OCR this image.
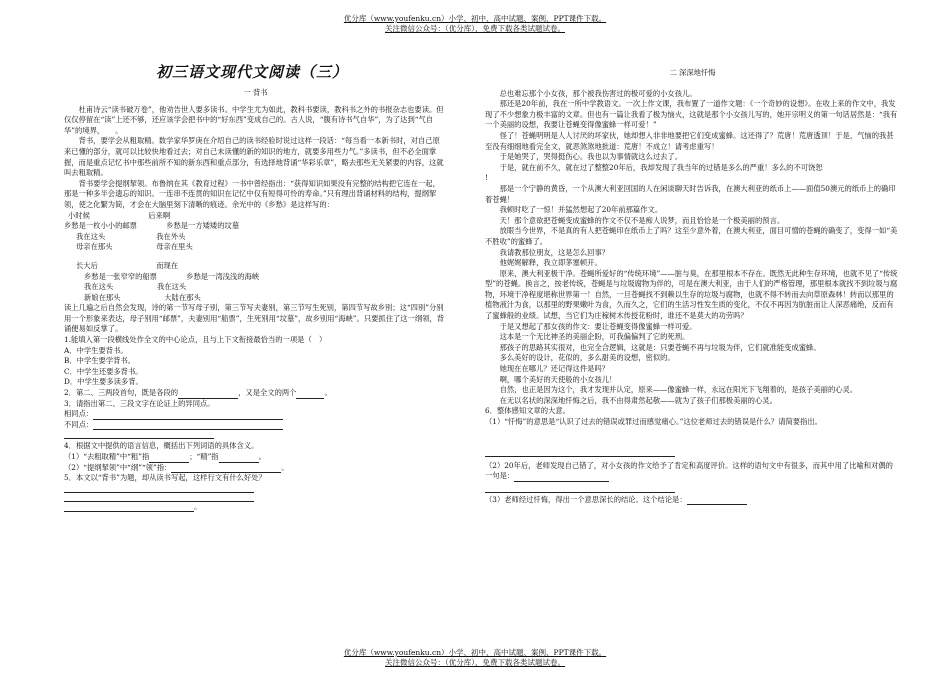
优分库（www.youfenku.cn）小学、初中、高中试题、案例、PPT课件下载。
关注微信公众号：（优分库），免费下载各类试题试卷。
初三语文现代文阅读（三）
一 背书

杜甫诗云“读书破万卷”，他劝告世人要多读书。中学生尤为如此，教科书要读，教科书之外的书报杂志也要读。但仅仅停留在“读”上还不够，还应该学会把书中的“好东西”变成自己的。古人说，“腹有诗书气自华”，为了达到“气自华”的境界，　　。

背书，要学会从粗取精。数学家华罗庚在介绍自己的读书经验时说过这样一段话：“每当看一本新书时，对自己原来已懂的部分，就可以比较快地看过去；对自己未读懂的新的知识的地方，就要多用些力气。”多读书，但不必全面掌握，而是重点记忆书中那些前所不知的新东西和重点部分，有选择地背诵“华彩乐章”，略去那些无关紧要的内容，这就叫去粗取精。

背书要学会提纲挈领。布鲁纳在其《教育过程》一书中曾经指出：“获得知识如果没有完整的结构把它连在一起，那是一种多半会遗忘的知识。一连串不连贯的知识在记忆中仅有短得可怜的寿命。”只有理出背诵材料的结构，提纲挈领，使之化繁为简，才会在大脑里刻下清晰的痕迹。余光中的《乡愁》是这样写的：

小时候　　　　　　　　后来啊
乡愁是一枚小小的邮票　　　　乡愁是一方矮矮的坟墓
我在这头　　　　　　　我在外头
母亲在那头　　　　　　母亲在里头
长大后　　　　　　　　而现在
乡愁是一张窄窄的船票　　　　乡愁是一湾浅浅的海峡
我在这头　　　　　　我在这头
新娘在那头　　　　　　大陆在那头

读上几遍之后自然会发现，诗的第一节写母子别，第三节写夫妻别，第三节写生死别，第四节写故乡别；这“四别”分别用一个形象来表达，母子别用“邮票”，夫妻别用“船票”，生死别用“坟墓”，故乡别用“海峡”。只要抓住了这一纲领，背诵便易如反掌了。

1.能填入第一段横线处作全文的中心论点，且与上下文衔接最恰当的一项是（　）
A．中学生要背书。
B．中学生要学背书。
C．中学生还要多背书。
D．中学生要多读多背。
2．第二、三两段首句，既是各段的	，又是全文的两个	。
3．请指出第二、三段文字在论证上的异同点。
相同点：
不同点：
4．根据文中提供的语言信息，概括出下列词语的具体含义。
（1）“去粗取精”中“粗”指	；“精”指	。
（2）“提纲挈领”中“纲”“领”指：	。
5．本文以“背书”为题，却从读书写起，这样行文有什么好处？
。
二 深深地忏悔

总也难忘那个小女孩，那个被我伤害过的极可爱的小女孩儿。

那还是20年前，我在一所中学教语文。一次上作文课，我布置了一道作文题：《一个奇妙的设想》。在收上来的作文中，我发现了不少想象力极丰富的文章。但也有一篇让我看了极为恼火，这就是那个小女孩儿写的，她开宗明义的第一句话居然是：“我有一个美丽的设想，我要让苍蝇变得像蜜蜂一样可爱！”

怪了！苍蝇明明是人人讨厌的坏家伙，她却想入非非地要把它们变成蜜蜂。这还得了？荒唐！荒唐透顶！于是，气恼的我甚至没有细细地看完全文，就恶煞煞地批道：荒唐！不成立！请考虑重写！

于是她哭了，哭得挺伤心。我也以为事情就这么过去了。

于是，就在前不久，就在过了整整20年后，我却发现了我当年的过错是多么的严重！多么的不可饶恕

!

那是一个宁静的黄昏，一个从澳大利亚回国的人在闲谈聊天时告诉我，在澳大利亚的纸币上——面值50澳元的纸币上的确印着苍蝇！

我顿时吃了一惊！并猛然想起了20年前那篇作文。

天！那个意欲把苍蝇变成蜜蜂的作文不仅不是痴人说梦，而且恰恰是一个极美丽的预言。

放眼当今世界，不是真的有人把苍蝇印在纸币上了吗？这至少意外着，在澳大利亚，面目可憎的苍蝇的确变了，变得一如“美不胜收”的蜜蜂了。

我请教那位朋友，这是怎么回事？

他娓娓解释，我立即茅塞顿开。

原来，澳大利亚极干净。苍蝇所爱好的“传统环境”——脏与臭，在那里根本不存在。既然无此种生存环境，也就不见了“传统型”的苍蝇。换言之，按老传统，苍蝇是与垃圾腐物为伴的，可是在澳大利亚，由于人们的严格管理，那里根本就找不到垃圾与腐物，环境干净程度堪称世界第一！自然，一旦苍蝇找不到赖以生存的垃圾与腐物，也就不得不转而去向草原森林！转而以那里的植物液汁为食，以那里的野果嫩叶为食，久而久之，它们的生活习性发生质的变化，不仅不再因为肮脏而让人深恶痛绝，反而有了蜜蜂般的业绩。试想，当它们为庄稼树木传授花粉时，谁还不是莫大的功劳吗？

于是又想起了那女孩的作文：要让苍蝇变得像蜜蜂一样可爱。

这本是一个无比神圣的美丽企盼，可我偏偏判了它的死刑。

那孩子的思路其实很对，也完全合逻辑，这就是：只要苍蝇不再与垃圾为伴，它们就准能变成蜜蜂。

多么美好的设计，花似的，多么甜美的设想，密似的。

她现在在哪儿？还记得这件是吗？

啊，哪个美好的天使般的小女孩儿！

自然，也正是因为这个，我才发现并认定，原来——像蜜蜂一样，永远在阳光下飞翔着的，是孩子美丽的心灵。

在无以名状的深深地忏悔之后，我不由得肃然起敬——就为了孩子们那极美丽的心灵。

6．整体感知文章的大意。
（1）“忏悔”的意思是“认识了过去的错误或罪过而感觉痛心。”这位老师过去的错误是什么？请简要指出。
（2）20年后，老师发现自己错了，对小女孩的作文给予了肯定和高度评价。这样的语句文中有很多，而其中用了比喻和对偶的一句是：
（3）老师经过忏悔，得出一个意思深长的结论。这个结论是：
优分库（www.youfenku.cn）小学、初中、高中试题、案例、PPT课件下载。
关注微信公众号：（优分库），免费下载各类试题试卷。
